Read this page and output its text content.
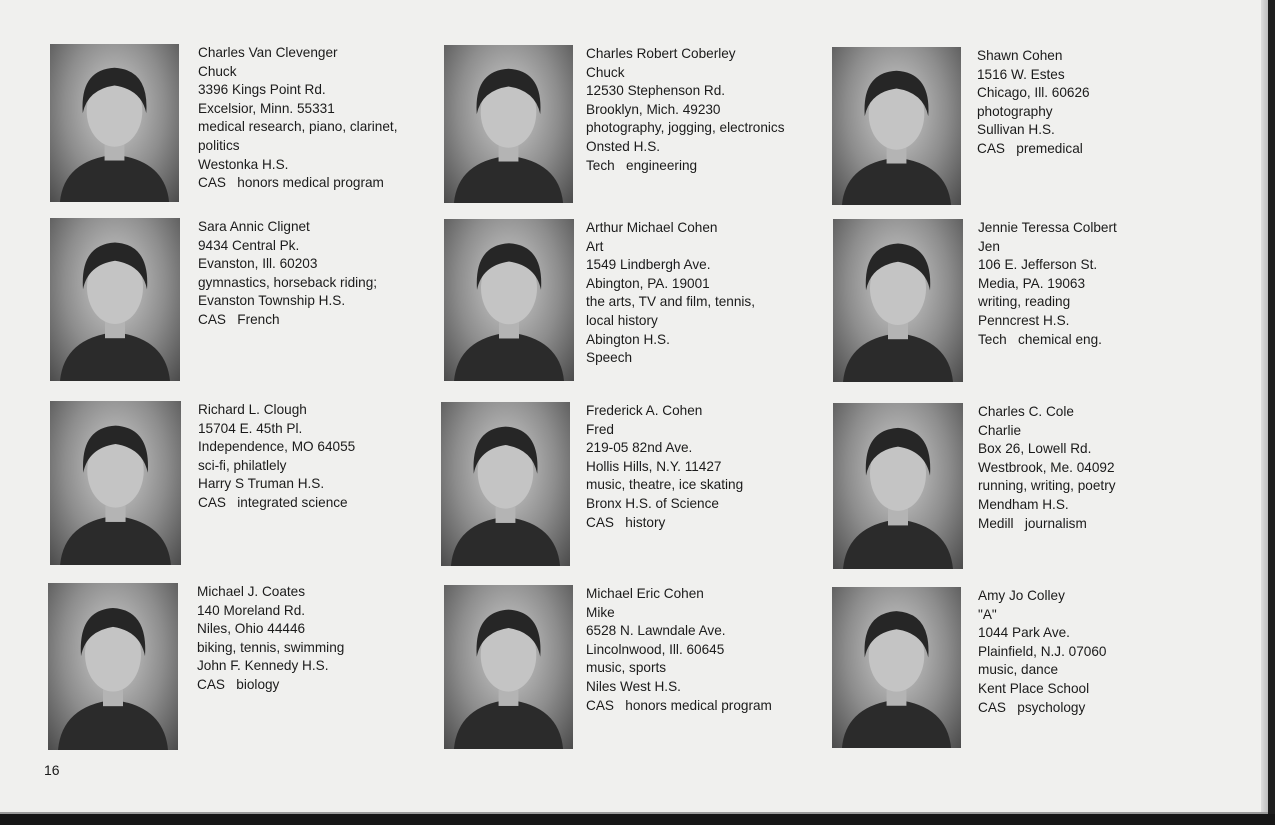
Charles Van Clevenger
Chuck
3396 Kings Point Rd.
Excelsior, Minn. 55331
medical research, piano, clarinet,
politics
Westonka H.S.
CAS   honors medical program
Charles Robert Coberley
Chuck
12530 Stephenson Rd.
Brooklyn, Mich. 49230
photography, jogging, electronics
Onsted H.S.
Tech   engineering
Shawn Cohen
1516 W. Estes
Chicago, Ill. 60626
photography
Sullivan H.S.
CAS   premedical
Sara Annic Clignet
9434 Central Pk.
Evanston, Ill. 60203
gymnastics, horseback riding;
Evanston Township H.S.
CAS   French
Arthur Michael Cohen
Art
1549 Lindbergh Ave.
Abington, PA. 19001
the arts, TV and film, tennis,
local history
Abington H.S.
Speech
Jennie Teressa Colbert
Jen
106 E. Jefferson St.
Media, PA. 19063
writing, reading
Penncrest H.S.
Tech   chemical eng.
Richard L. Clough
15704 E. 45th Pl.
Independence, MO 64055
sci-fi, philatlely
Harry S Truman H.S.
CAS   integrated science
Frederick A. Cohen
Fred
219-05 82nd Ave.
Hollis Hills, N.Y. 11427
music, theatre, ice skating
Bronx H.S. of Science
CAS   history
Charles C. Cole
Charlie
Box 26, Lowell Rd.
Westbrook, Me. 04092
running, writing, poetry
Mendham H.S.
Medill   journalism
Michael J. Coates
140 Moreland Rd.
Niles, Ohio 44446
biking, tennis, swimming
John F. Kennedy H.S.
CAS   biology
Michael Eric Cohen
Mike
6528 N. Lawndale Ave.
Lincolnwood, Ill. 60645
music, sports
Niles West H.S.
CAS   honors medical program
Amy Jo Colley
"A"
1044 Park Ave.
Plainfield, N.J. 07060
music, dance
Kent Place School
CAS   psychology
16
